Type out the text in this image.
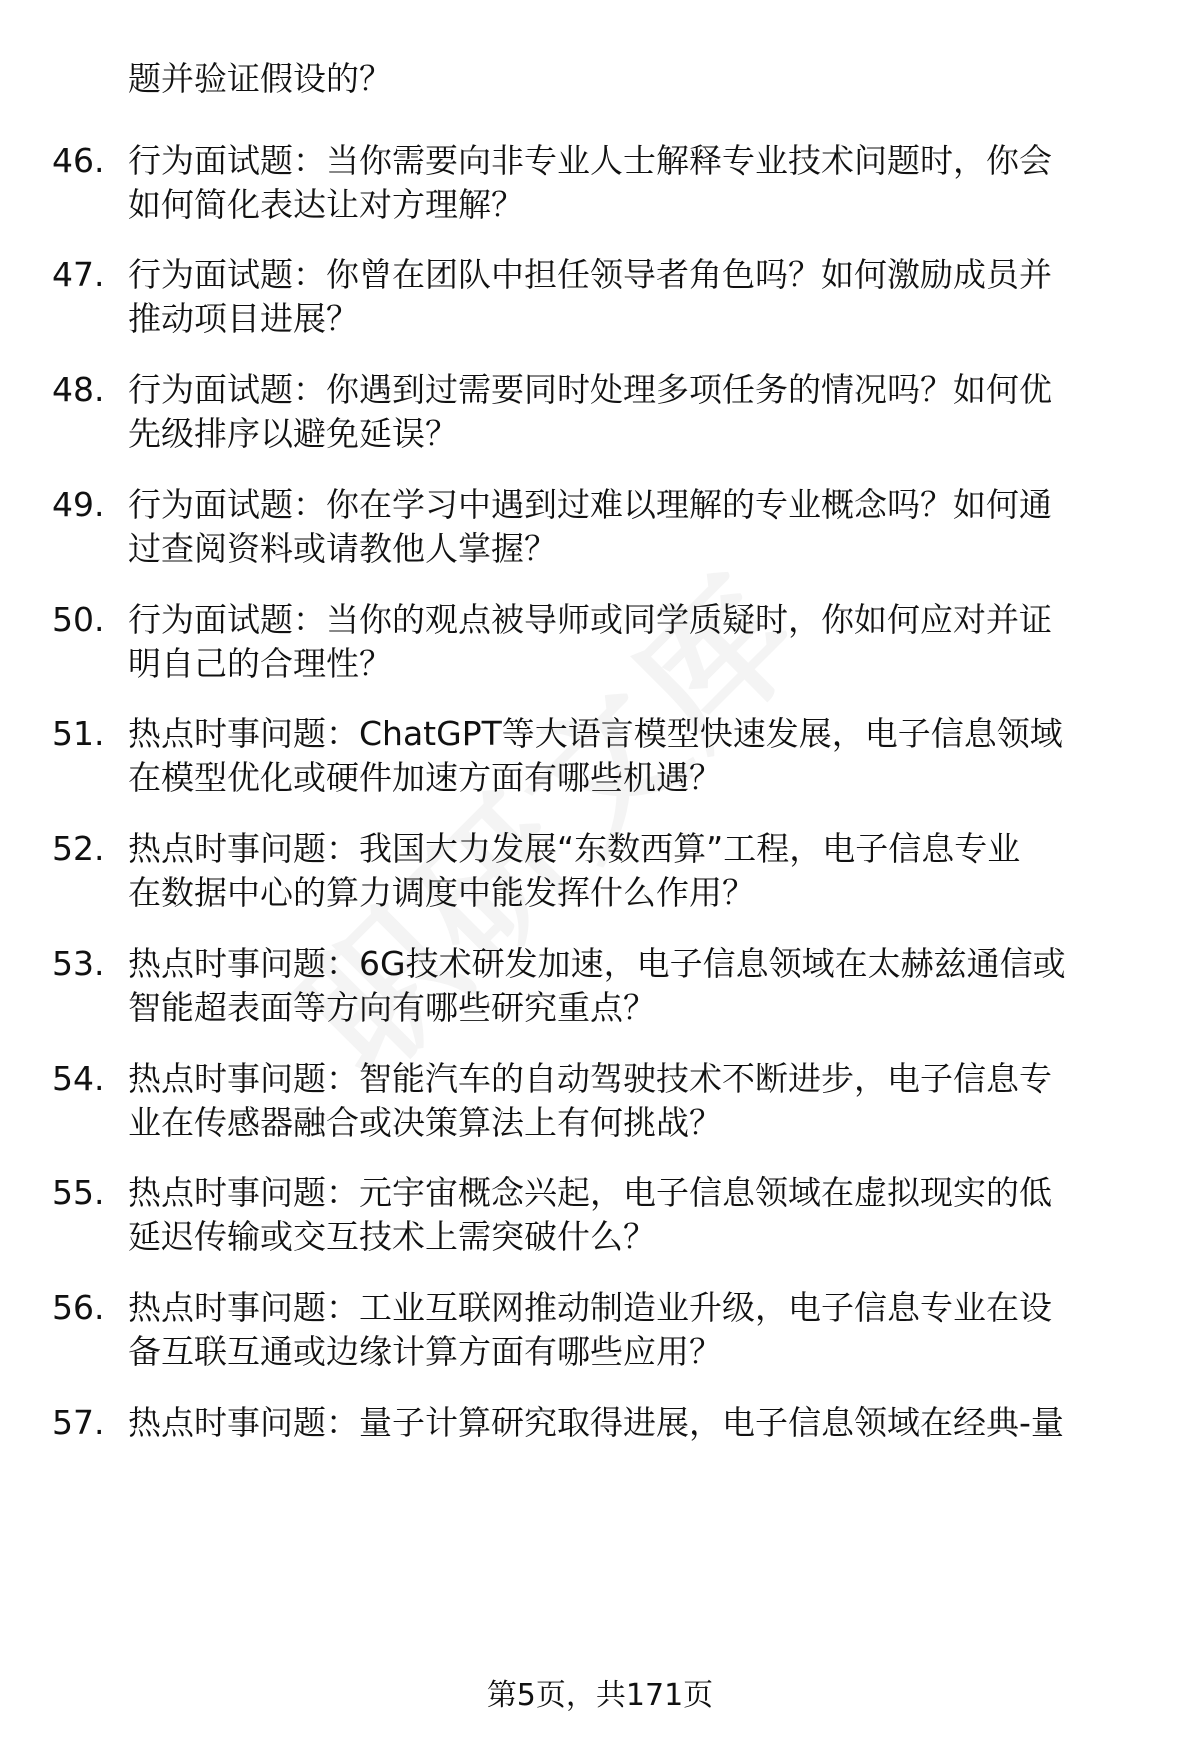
题并验证假设的？
46. 行为面试题：当你需要向非专业人士解释专业技术问题时，你会
如何简化表达让对方理解？
47. 行为面试题：你曾在团队中担任领导者角色吗？如何激励成员并
推动项目进展？
48. 行为面试题：你遇到过需要同时处理多项任务的情况吗？如何优
先级排序以避免延误？
49. 行为面试题：你在学习中遇到过难以理解的专业概念吗？如何通
过查阅资料或请教他人掌握？
50. 行为面试题：当你的观点被导师或同学质疑时，你如何应对并证
明自己的合理性？
51. 热点时事问题：ChatGPT等大语言模型快速发展，电子信息领域
在模型优化或硬件加速方面有哪些机遇？
52. 热点时事问题：我国大力发展“东数西算”工程，电子信息专业
在数据中心的算力调度中能发挥什么作用？
53. 热点时事问题：6G技术研发加速，电子信息领域在太赫兹通信或
智能超表面等方向有哪些研究重点？
54. 热点时事问题：智能汽车的自动驾驶技术不断进步，电子信息专
业在传感器融合或决策算法上有何挑战？
55. 热点时事问题：元宇宙概念兴起，电子信息领域在虚拟现实的低
延迟传输或交互技术上需突破什么？
56. 热点时事问题：工业互联网推动制造业升级，电子信息专业在设
备互联互通或边缘计算方面有哪些应用？
57. 热点时事问题：量子计算研究取得进展，电子信息领域在经典-量
第5页，共171页
